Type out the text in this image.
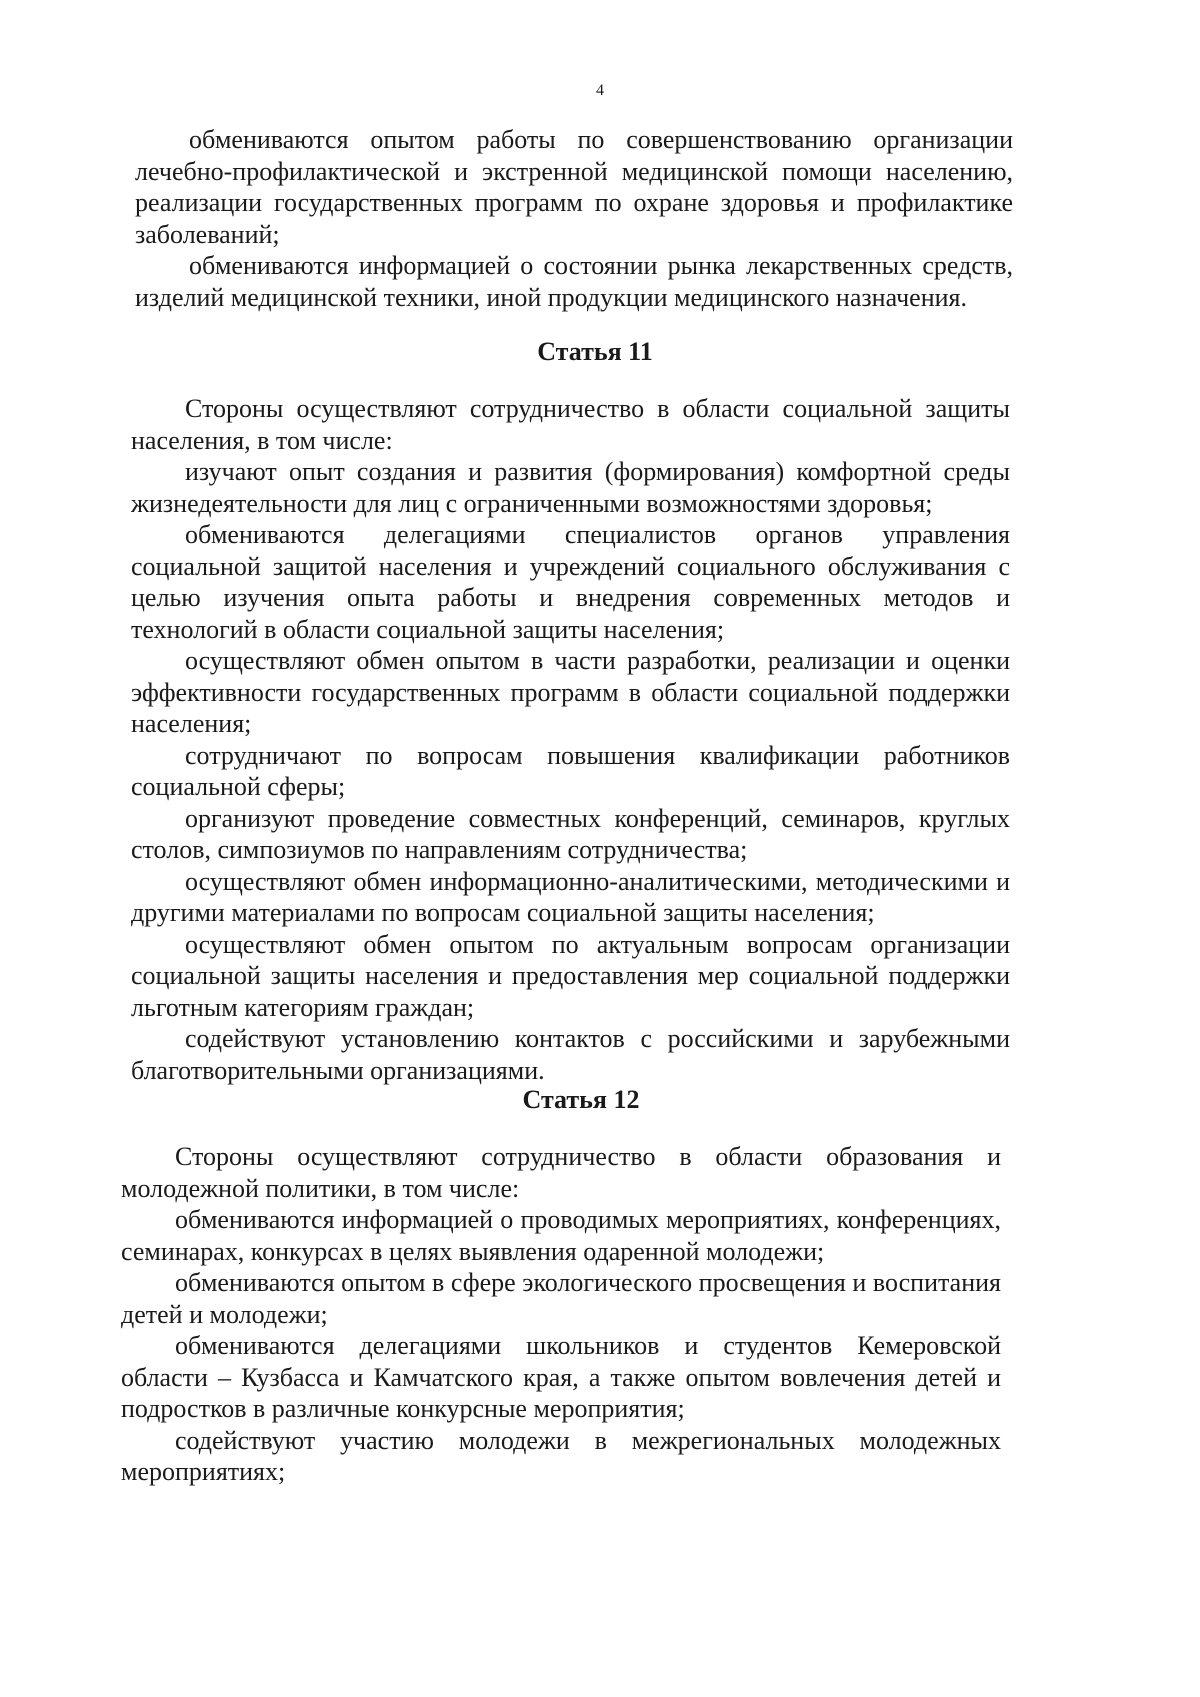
4

обмениваются опытом работы по совершенствованию организации лечебно-профилактической и экстренной медицинской помощи населению, реализации государственных программ по охране здоровья и профилактике заболеваний;

обмениваются информацией о состоянии рынка лекарственных средств, изделий медицинской техники, иной продукции медицинского назначения.

Статья 11

Стороны осуществляют сотрудничество в области социальной защиты населения, в том числе:

изучают опыт создания и развития (формирования) комфортной среды жизнедеятельности для лиц с ограниченными возможностями здоровья;

обмениваются делегациями специалистов органов управления социальной защитой населения и учреждений социального обслуживания с целью изучения опыта работы и внедрения современных методов и технологий в области социальной защиты населения;

осуществляют обмен опытом в части разработки, реализации и оценки эффективности государственных программ в области социальной поддержки населения;

сотрудничают по вопросам повышения квалификации работников социальной сферы;

организуют проведение совместных конференций, семинаров, круглых столов, симпозиумов по направлениям сотрудничества;

осуществляют обмен информационно-аналитическими, методическими и другими материалами по вопросам социальной защиты населения;

осуществляют обмен опытом по актуальным вопросам организации социальной защиты населения и предоставления мер социальной поддержки льготным категориям граждан;

содействуют установлению контактов с российскими и зарубежными благотворительными организациями.

Статья 12

Стороны осуществляют сотрудничество в области образования и молодежной политики, в том числе:

обмениваются информацией о проводимых мероприятиях, конференциях, семинарах, конкурсах в целях выявления одаренной молодежи;

обмениваются опытом в сфере экологического просвещения и воспитания детей и молодежи;

обмениваются делегациями школьников и студентов Кемеровской области – Кузбасса и Камчатского края, а также опытом вовлечения детей и подростков в различные конкурсные мероприятия;

содействуют участию молодежи в межрегиональных молодежных мероприятиях;
